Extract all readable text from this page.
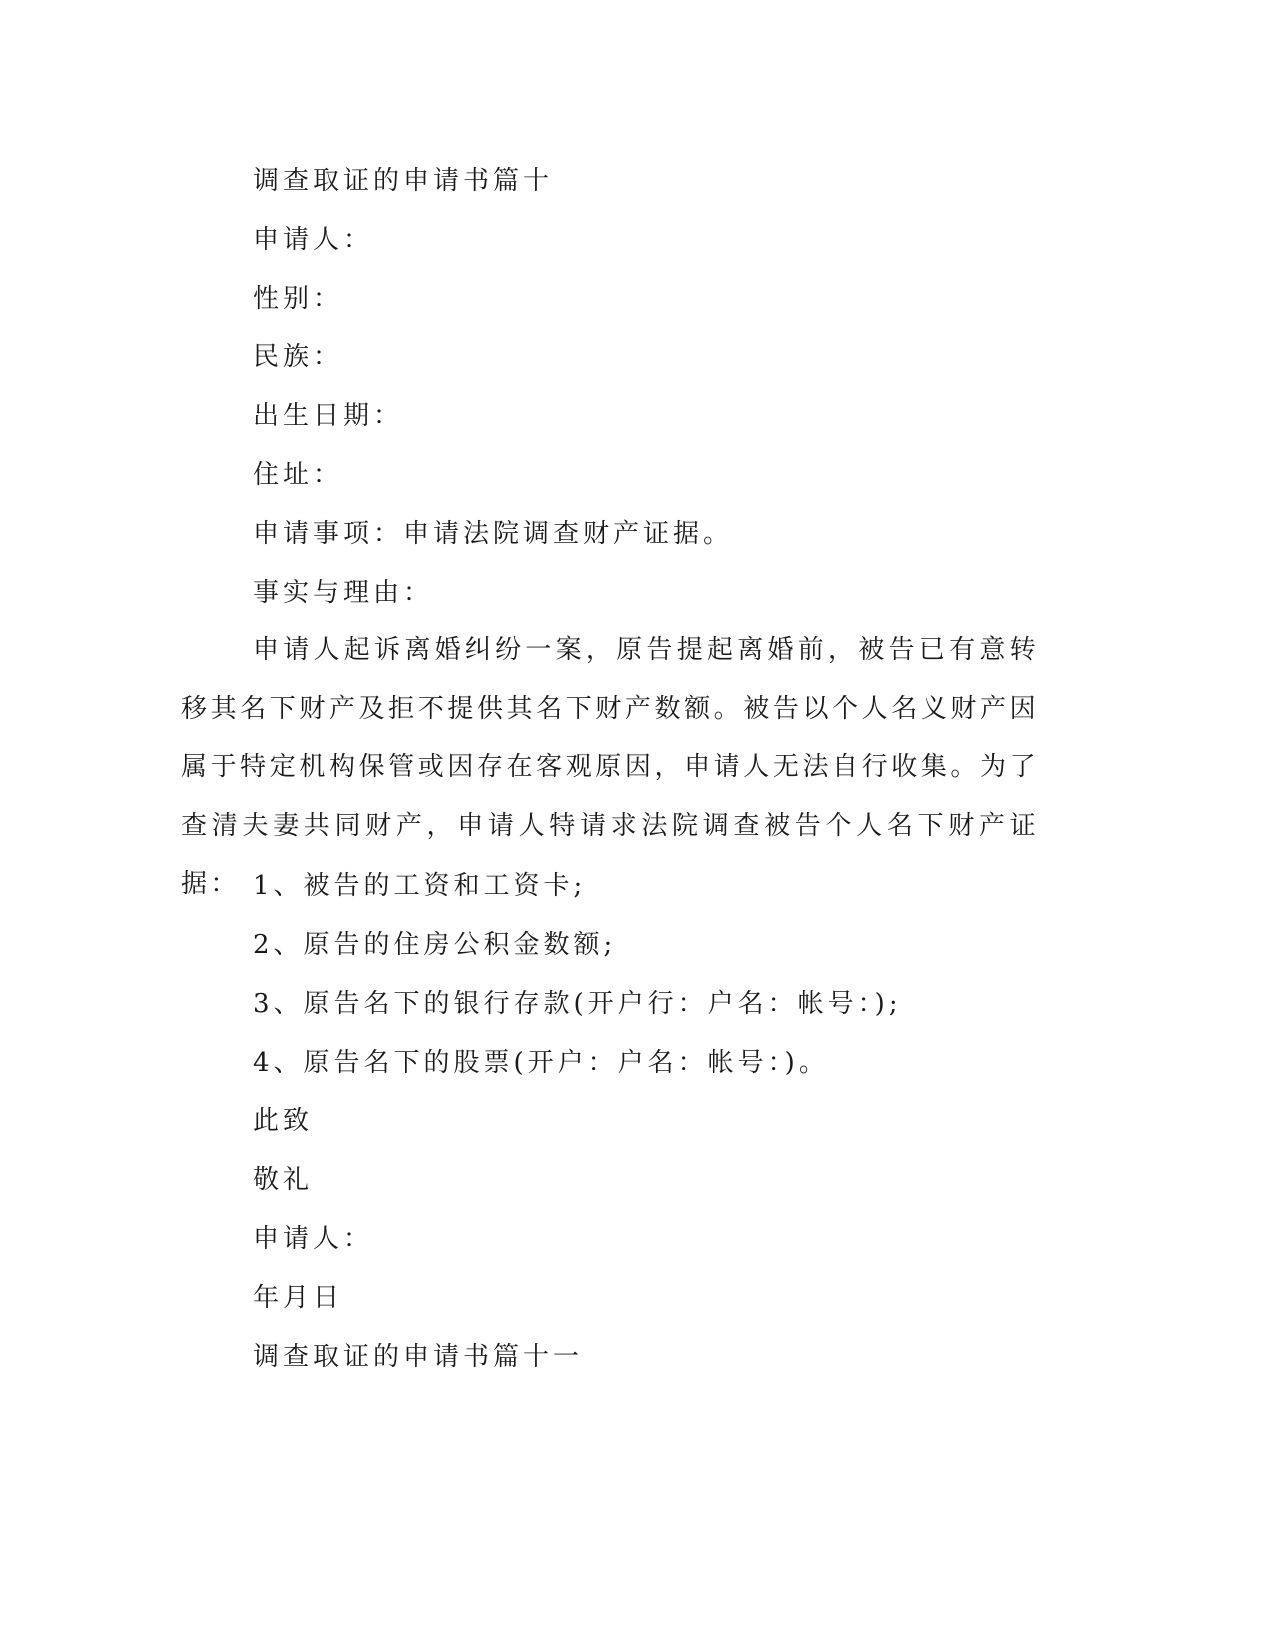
调查取证的申请书篇十

申请人：

性别：

民族：

出生日期：

住址：

申请事项：申请法院调查财产证据。

事实与理由：

申请人起诉离婚纠纷一案，原告提起离婚前，被告已有意转移其名下财产及拒不提供其名下财产数额。被告以个人名义财产因属于特定机构保管或因存在客观原因，申请人无法自行收集。为了查清夫妻共同财产，申请人特请求法院调查被告个人名下财产证据： 1、被告的工资和工资卡;

2、原告的住房公积金数额;

3、原告名下的银行存款(开户行：户名：帐号：);

4、原告名下的股票(开户：户名：帐号：)。

此致

敬礼

申请人：

年月日

调查取证的申请书篇十一
